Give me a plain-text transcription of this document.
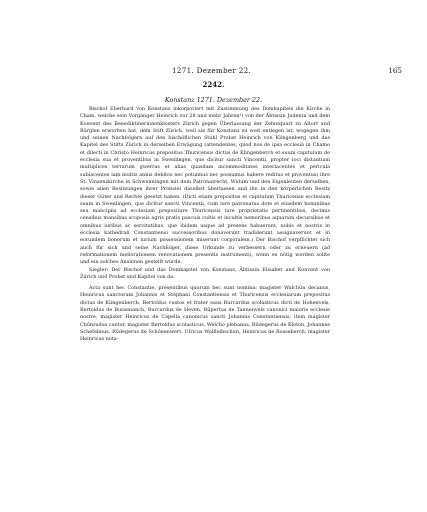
1271. Dezember 22.	165
2242.
Konstanz 1271. Dezember 22.

Bischof Eberhard von Konstanz inkorporiert mit Zustimmung des Domkapitels die Kirche in Cham, welche sein Vorgänger Heinrich vor 28 und mehr Jahren¹) von der Äbtissin Judenta und dem Konvent des Benediktinerinnenklosters Zürich gegen Überlassung der Zehntquart zu Altorf und Bürglen erworben hat, dem Stift Zürich, weil sie für Konstanz zu weit entlegen ist, wogegen ihm und seinen Nachfolgern auf den bischöflichen Stuhl Probst Heinrich von Klingenberg und das Kapitel des Stifts Zürich in derselben Erwägung (attendentes, quod nos de ipsa ecclesia in Chamo et dilecti in Christo Heinricus prepositus Thuricensis dictus de Klingenberch et suum capitulum de ecclesia sua et proventibus in Swenlingen, que dicitur sancti Vincentii, propter loci distantiam multiplices terrarum gwerras et alias quasdam incommoditates interiacentes et pericula subiacentes iam multis annis debitos nec potuimus nec possumus habere reditus et proventus) ihre St. Vinzenzkirche in Schwenningen mit dem Patronatrecht, Widum und den Eigenleuten derselben, sowie allen Besitzungen ihrer Probstei daselbst überlassen und ihn in den körperlichen Besitz dieser Güter und Rechte gesetzt haben. (Dicti etiam prepositus et capitulum Thuricense ecclesiam suam in Swenlingen, que dicitur sancti Vincentii, cum iure patronatus dote et eiusdem hominibus seu mancipiis ad ecclesiam prepositure Thuricensis iure proprietatis pertinentibus, decimis censibus mansibus scoposis agris pratis pascuis cultis et incultis nemoribus aquarum decursibus et omnibus iuribus ac servitutibus, que ibidem usque ad presens habuerunt, nobis et nostris in ecclesia kathedrali Constantiensi successoribus donaverunt tradiderunt assignaverunt et in eorundem bonorum et iurium possessionem miserunt corporalem.) Der Bischof verpflichtet sich auch für sich und seine Nachfolger, diese Urkunde zu verbessern oder zu erneuern (ad reformationem meliorationem renovationem presentis instrumenti), wenn es nötig werden sollte und ein solches Ansinnen gestellt würde.

Siegler: Der Bischof und das Domkapitel von Konstanz, Äbtissin Elisabet und Konvent von Zürich und Probst und Kapitel von da.

Acta sunt hec Constantie, presentibus quorum hec sunt nomina: magister Walchūn decanus, Heinricus sanctorum Johannis et Stephani Constantiensis et Thuricensis ecclesiarum prepositus dictus de Klingenberch, Bertoldus custos et frater suus Burcardus scolasticus dicti de Hohenvels, Bertoldus de Bussenanch, Burcardus de Heven, Rūpertus de Tannenvels canonici maioris ecclesie nostre, magister Heinricus de Capella canonicus sancti Johannis Constantiensis, item magister Chūnradus cantor, magister Bertoldus scolasticus, Welcho plebanus, Rūdegerus de Kloton, Johannes Schefelinus, Rūdegerus de Schōnenwert, Ulricus Wolfleibschun, Heinricus de Rosseberch, magister Heinricus nota-
